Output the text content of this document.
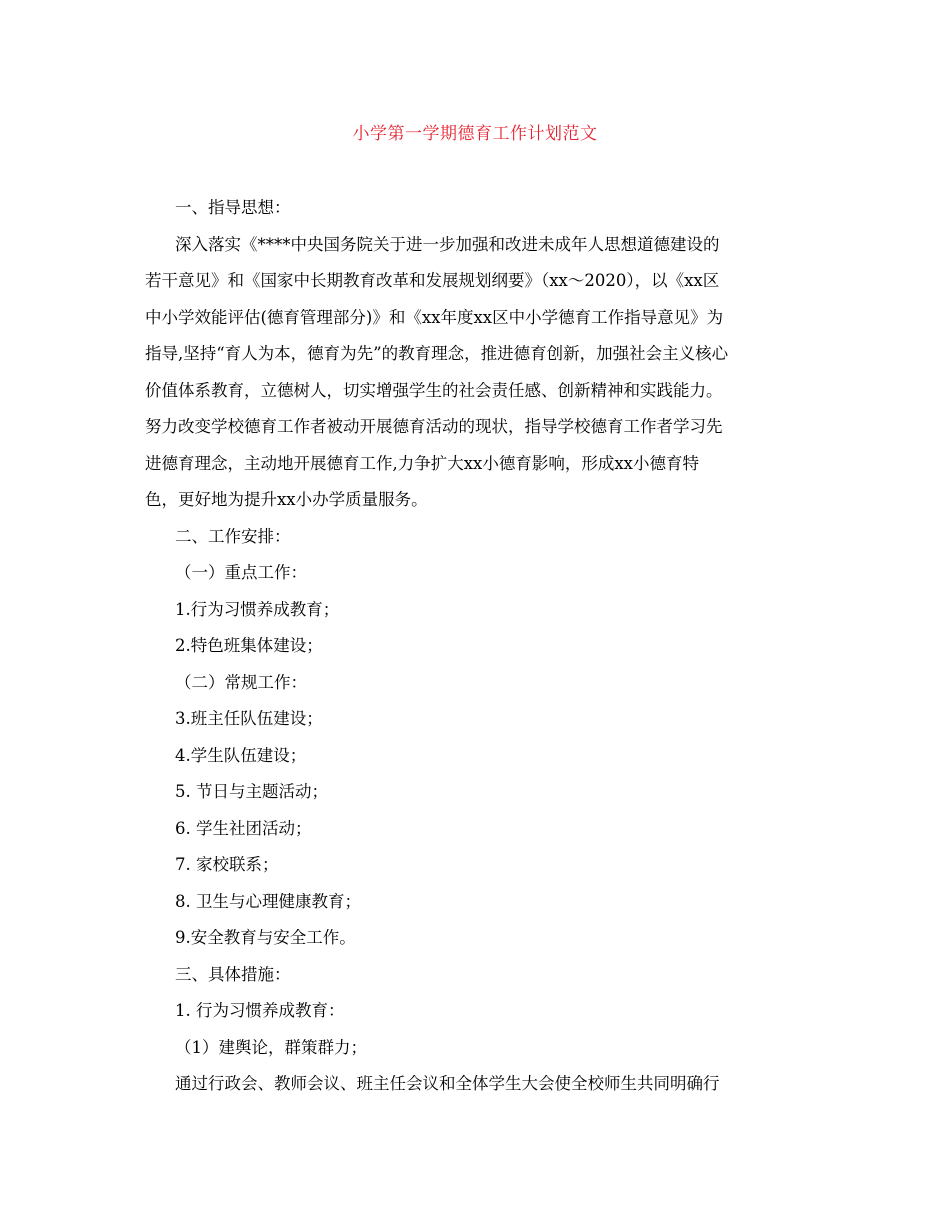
小学第一学期德育工作计划范文
一、指导思想：
深入落实《****中央国务院关于进一步加强和改进未成年人思想道德建设的
若干意见》和《国家中长期教育改革和发展规划纲要》（xx～2020），以《xx区
中小学效能评估(德育管理部分)》和《xx年度xx区中小学德育工作指导意见》为
指导,坚持“育人为本，德育为先”的教育理念，推进德育创新，加强社会主义核心
价值体系教育，立德树人，切实增强学生的社会责任感、创新精神和实践能力。
努力改变学校德育工作者被动开展德育活动的现状，指导学校德育工作者学习先
进德育理念，主动地开展德育工作,力争扩大xx小德育影响，形成xx小德育特
色，更好地为提升xx小办学质量服务。
二、工作安排：
（一）重点工作：
1.行为习惯养成教育；
2.特色班集体建设；
（二）常规工作：
3.班主任队伍建设；
4.学生队伍建设；
5. 节日与主题活动；
6. 学生社团活动；
7. 家校联系；
8. 卫生与心理健康教育；
9.安全教育与安全工作。
三、具体措施：
1. 行为习惯养成教育：
（1）建舆论，群策群力；
通过行政会、教师会议、班主任会议和全体学生大会使全校师生共同明确行
